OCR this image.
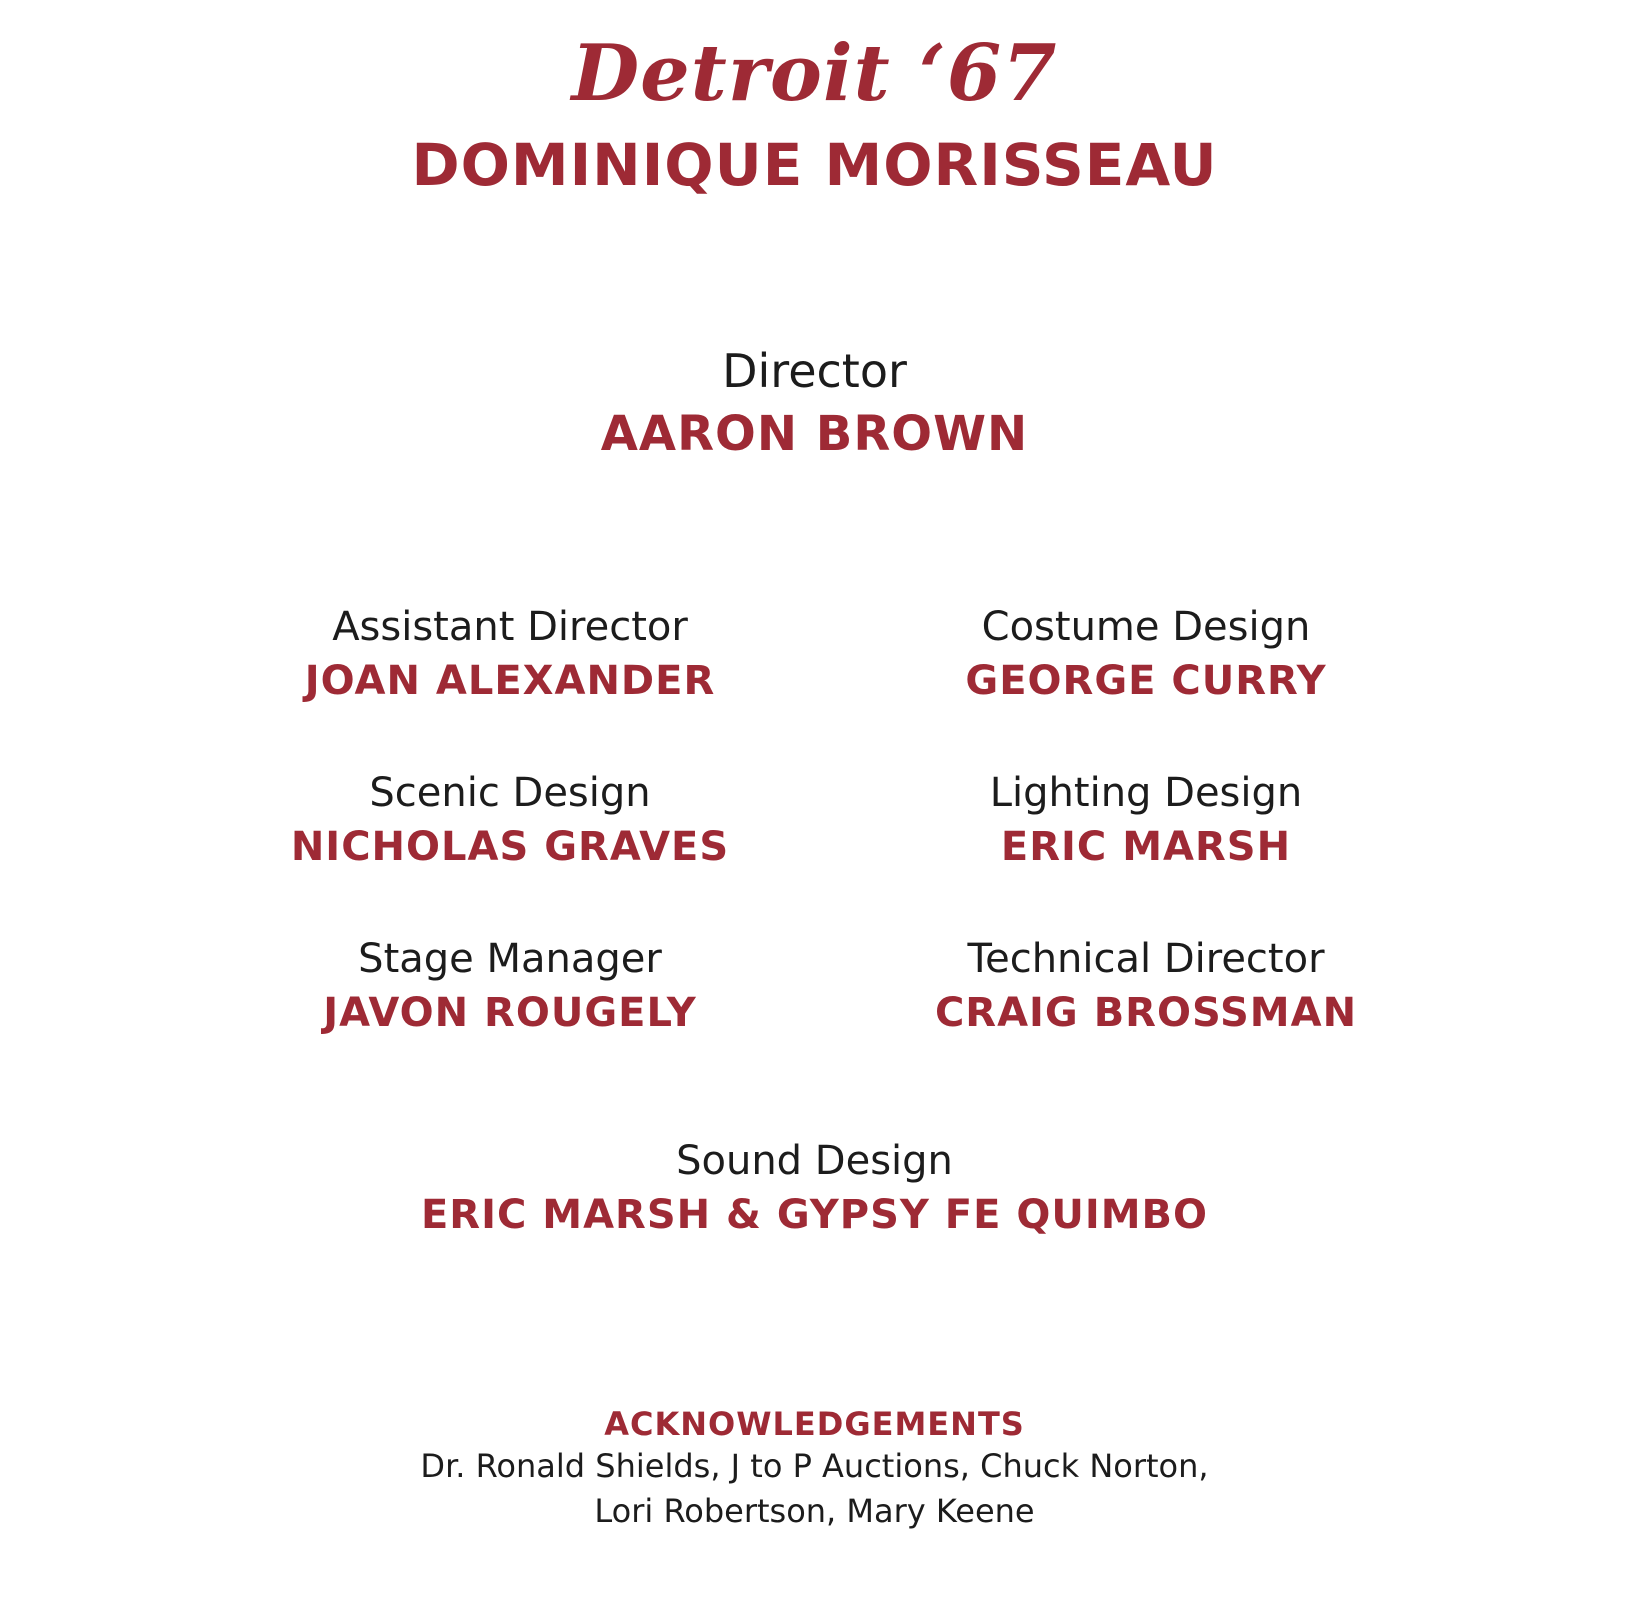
Detroit ‘67
DOMINIQUE MORISSEAU
Director
AARON BROWN
Assistant Director
JOAN ALEXANDER
Costume Design
GEORGE CURRY
Scenic Design
NICHOLAS GRAVES
Lighting Design
ERIC MARSH
Stage Manager
JAVON ROUGELY
Technical Director
CRAIG BROSSMAN
Sound Design
ERIC MARSH & GYPSY FE QUIMBO
ACKNOWLEDGEMENTS
Dr. Ronald Shields, J to P Auctions, Chuck Norton,
Lori Robertson, Mary Keene
